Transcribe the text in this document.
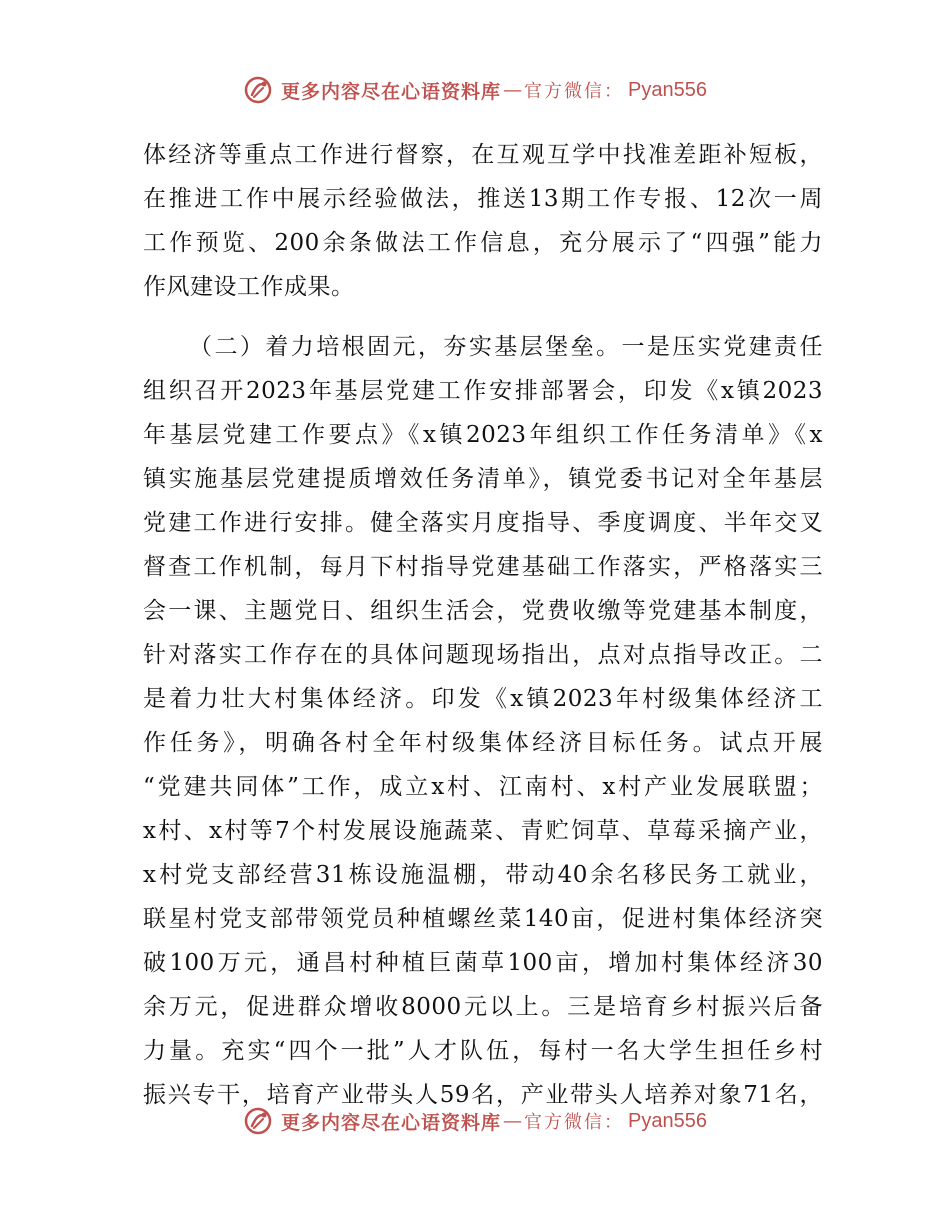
更多内容尽在心语资料库 — 官方微信： Pyan556
体经济等重点工作进行督察，在互观互学中找准差距补短板，
在推进工作中展示经验做法，推送13期工作专报、12次一周
工作预览、200余条做法工作信息，充分展示了“四强”能力
作风建设工作成果。
（二）着力培根固元，夯实基层堡垒。一是压实党建责任
组织召开2023年基层党建工作安排部署会，印发《x镇2023
年基层党建工作要点》《x镇2023年组织工作任务清单》《x
镇实施基层党建提质增效任务清单》，镇党委书记对全年基层
党建工作进行安排。健全落实月度指导、季度调度、半年交叉
督查工作机制，每月下村指导党建基础工作落实，严格落实三
会一课、主题党日、组织生活会，党费收缴等党建基本制度，
针对落实工作存在的具体问题现场指出，点对点指导改正。二
是着力壮大村集体经济。印发《x镇2023年村级集体经济工
作任务》，明确各村全年村级集体经济目标任务。试点开展
“党建共同体”工作，成立x村、江南村、x村产业发展联盟；
x村、x村等7个村发展设施蔬菜、青贮饲草、草莓采摘产业，
x村党支部经营31栋设施温棚，带动40余名移民务工就业，
联星村党支部带领党员种植螺丝菜140亩，促进村集体经济突
破100万元，通昌村种植巨菌草100亩，增加村集体经济30
余万元，促进群众增收8000元以上。三是培育乡村振兴后备
力量。充实“四个一批”人才队伍，每村一名大学生担任乡村
振兴专干，培育产业带头人59名，产业带头人培养对象71名，
更多内容尽在心语资料库 — 官方微信： Pyan556
